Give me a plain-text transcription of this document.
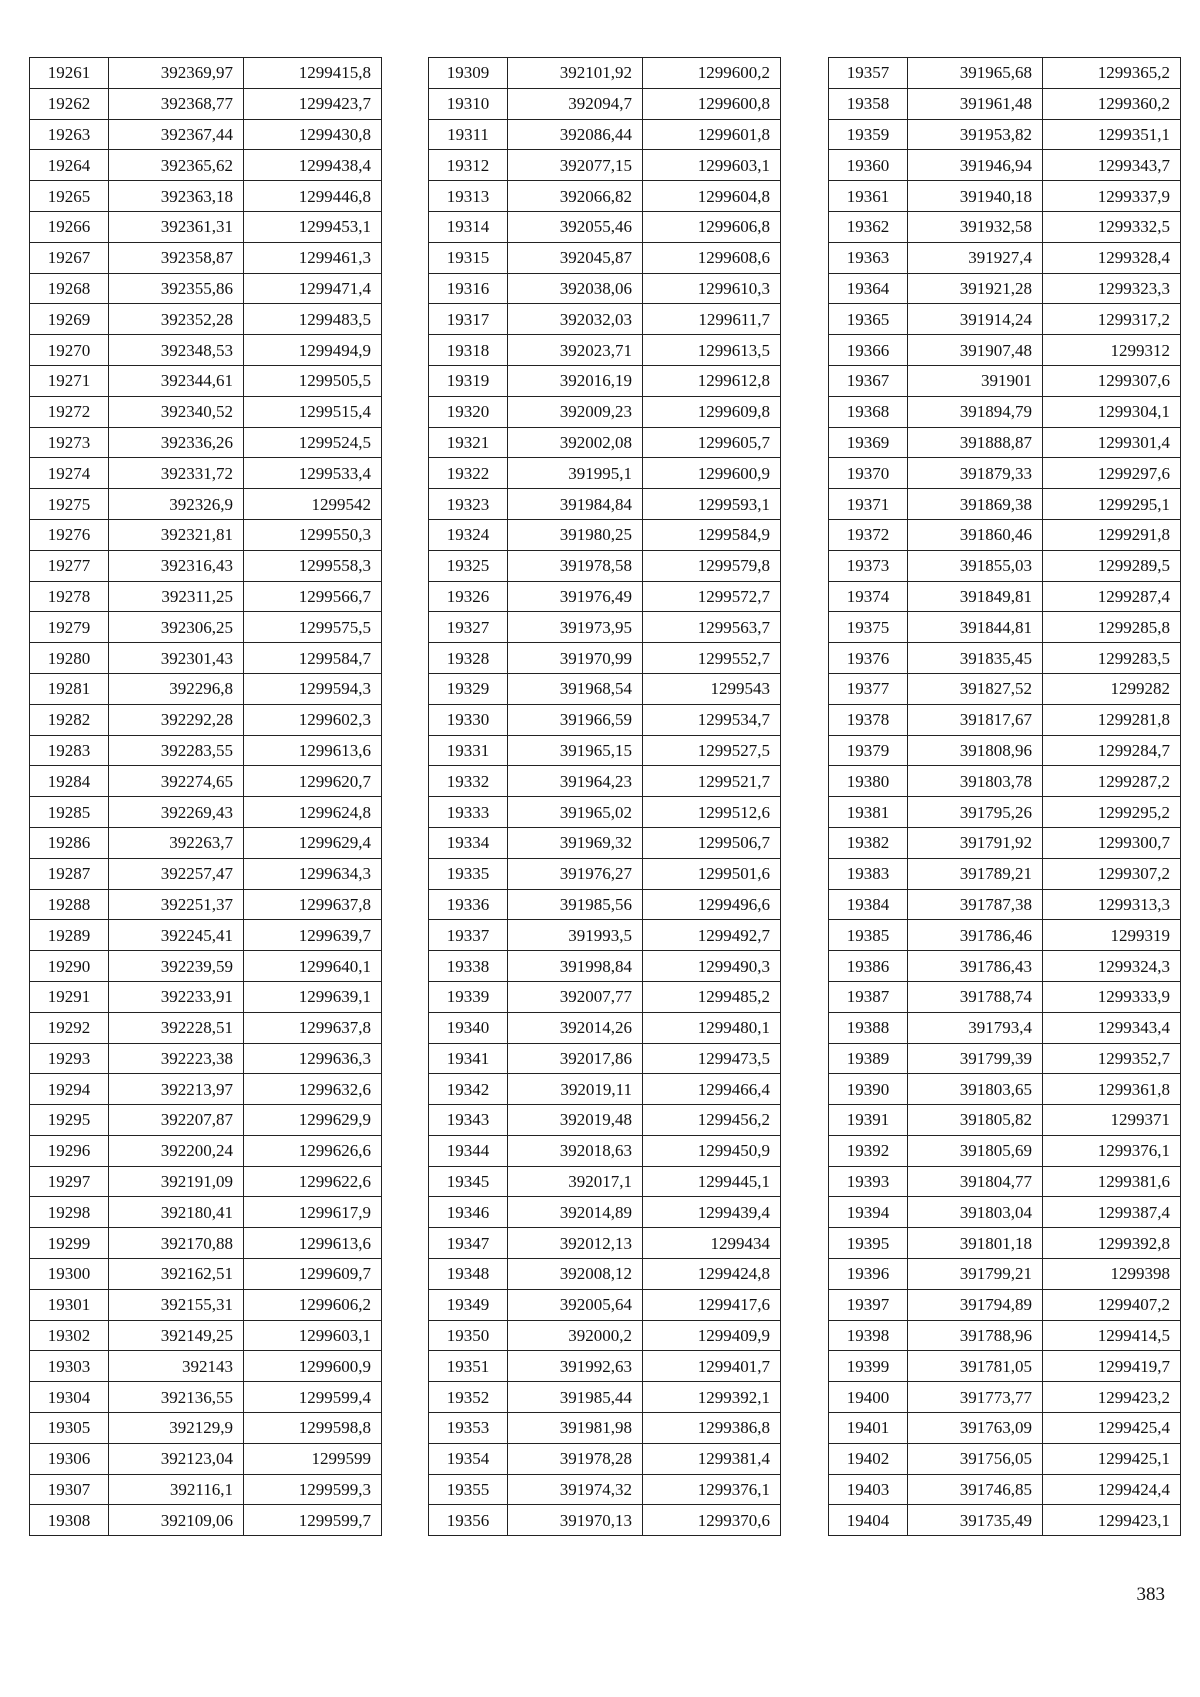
19261	392369,97	1299415,8
19262	392368,77	1299423,7
19263	392367,44	1299430,8
19264	392365,62	1299438,4
19265	392363,18	1299446,8
19266	392361,31	1299453,1
19267	392358,87	1299461,3
19268	392355,86	1299471,4
19269	392352,28	1299483,5
19270	392348,53	1299494,9
19271	392344,61	1299505,5
19272	392340,52	1299515,4
19273	392336,26	1299524,5
19274	392331,72	1299533,4
19275	392326,9	1299542
19276	392321,81	1299550,3
19277	392316,43	1299558,3
19278	392311,25	1299566,7
19279	392306,25	1299575,5
19280	392301,43	1299584,7
19281	392296,8	1299594,3
19282	392292,28	1299602,3
19283	392283,55	1299613,6
19284	392274,65	1299620,7
19285	392269,43	1299624,8
19286	392263,7	1299629,4
19287	392257,47	1299634,3
19288	392251,37	1299637,8
19289	392245,41	1299639,7
19290	392239,59	1299640,1
19291	392233,91	1299639,1
19292	392228,51	1299637,8
19293	392223,38	1299636,3
19294	392213,97	1299632,6
19295	392207,87	1299629,9
19296	392200,24	1299626,6
19297	392191,09	1299622,6
19298	392180,41	1299617,9
19299	392170,88	1299613,6
19300	392162,51	1299609,7
19301	392155,31	1299606,2
19302	392149,25	1299603,1
19303	392143	1299600,9
19304	392136,55	1299599,4
19305	392129,9	1299598,8
19306	392123,04	1299599
19307	392116,1	1299599,3
19308	392109,06	1299599,7
19309	392101,92	1299600,2
19310	392094,7	1299600,8
19311	392086,44	1299601,8
19312	392077,15	1299603,1
19313	392066,82	1299604,8
19314	392055,46	1299606,8
19315	392045,87	1299608,6
19316	392038,06	1299610,3
19317	392032,03	1299611,7
19318	392023,71	1299613,5
19319	392016,19	1299612,8
19320	392009,23	1299609,8
19321	392002,08	1299605,7
19322	391995,1	1299600,9
19323	391984,84	1299593,1
19324	391980,25	1299584,9
19325	391978,58	1299579,8
19326	391976,49	1299572,7
19327	391973,95	1299563,7
19328	391970,99	1299552,7
19329	391968,54	1299543
19330	391966,59	1299534,7
19331	391965,15	1299527,5
19332	391964,23	1299521,7
19333	391965,02	1299512,6
19334	391969,32	1299506,7
19335	391976,27	1299501,6
19336	391985,56	1299496,6
19337	391993,5	1299492,7
19338	391998,84	1299490,3
19339	392007,77	1299485,2
19340	392014,26	1299480,1
19341	392017,86	1299473,5
19342	392019,11	1299466,4
19343	392019,48	1299456,2
19344	392018,63	1299450,9
19345	392017,1	1299445,1
19346	392014,89	1299439,4
19347	392012,13	1299434
19348	392008,12	1299424,8
19349	392005,64	1299417,6
19350	392000,2	1299409,9
19351	391992,63	1299401,7
19352	391985,44	1299392,1
19353	391981,98	1299386,8
19354	391978,28	1299381,4
19355	391974,32	1299376,1
19356	391970,13	1299370,6
19357	391965,68	1299365,2
19358	391961,48	1299360,2
19359	391953,82	1299351,1
19360	391946,94	1299343,7
19361	391940,18	1299337,9
19362	391932,58	1299332,5
19363	391927,4	1299328,4
19364	391921,28	1299323,3
19365	391914,24	1299317,2
19366	391907,48	1299312
19367	391901	1299307,6
19368	391894,79	1299304,1
19369	391888,87	1299301,4
19370	391879,33	1299297,6
19371	391869,38	1299295,1
19372	391860,46	1299291,8
19373	391855,03	1299289,5
19374	391849,81	1299287,4
19375	391844,81	1299285,8
19376	391835,45	1299283,5
19377	391827,52	1299282
19378	391817,67	1299281,8
19379	391808,96	1299284,7
19380	391803,78	1299287,2
19381	391795,26	1299295,2
19382	391791,92	1299300,7
19383	391789,21	1299307,2
19384	391787,38	1299313,3
19385	391786,46	1299319
19386	391786,43	1299324,3
19387	391788,74	1299333,9
19388	391793,4	1299343,4
19389	391799,39	1299352,7
19390	391803,65	1299361,8
19391	391805,82	1299371
19392	391805,69	1299376,1
19393	391804,77	1299381,6
19394	391803,04	1299387,4
19395	391801,18	1299392,8
19396	391799,21	1299398
19397	391794,89	1299407,2
19398	391788,96	1299414,5
19399	391781,05	1299419,7
19400	391773,77	1299423,2
19401	391763,09	1299425,4
19402	391756,05	1299425,1
19403	391746,85	1299424,4
19404	391735,49	1299423,1
383
